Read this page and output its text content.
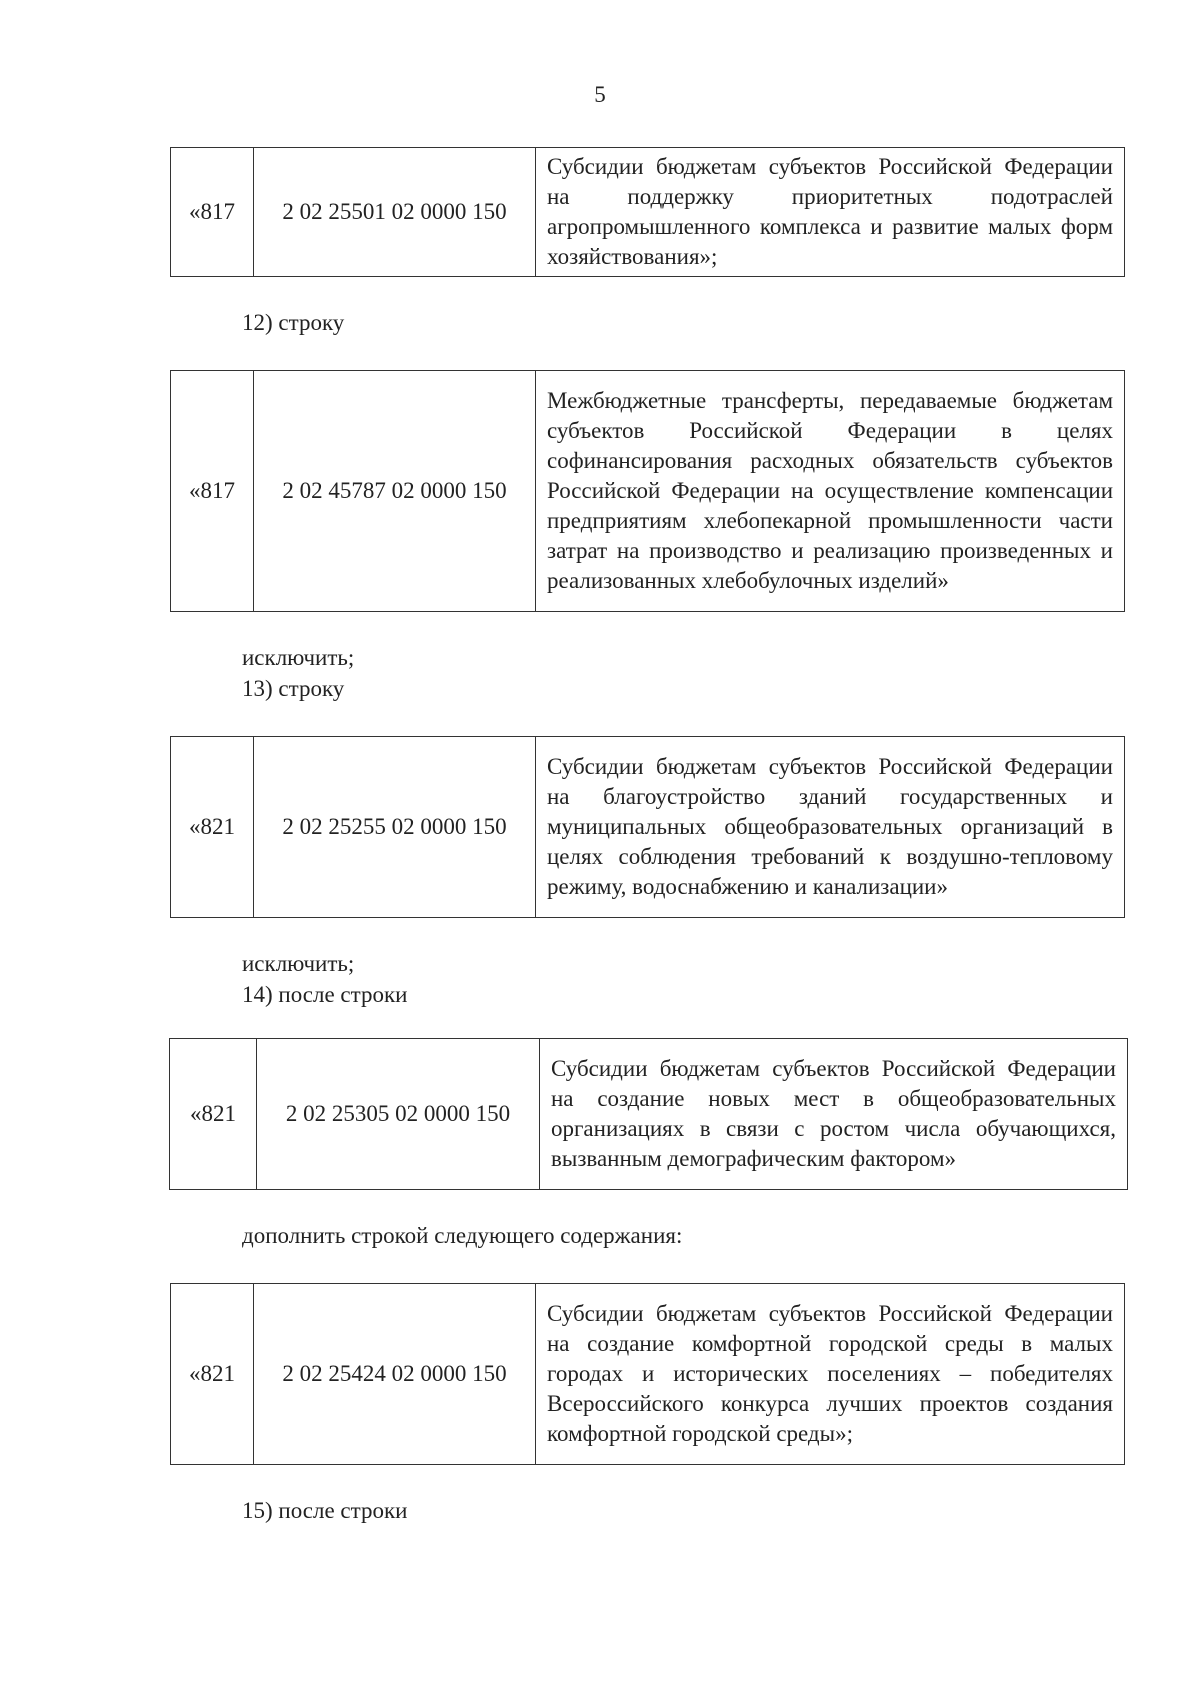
5
«817	2 02 25501 02 0000 150	Субсидии бюджетам субъектов Российской Федерации на поддержку приоритетных подотраслей агропромышленного комплекса и развитие малых форм хозяйствования»;
12) строку
«817	2 02 45787 02 0000 150	Межбюджетные трансферты, передаваемые бюджетам субъектов Российской Федерации в целях софинансирования расходных обязательств субъектов Российской Федерации на осуществление компенсации предприятиям хлебопекарной промышленности части затрат на производство и реализацию произведенных и реализованных хлебобулочных изделий»
исключить;
13) строку
«821	2 02 25255 02 0000 150	Субсидии бюджетам субъектов Российской Федерации на благоустройство зданий государственных и муниципальных общеобразовательных организаций в целях соблюдения требований к воздушно-тепловому режиму, водоснабжению и канализации»
исключить;
14) после строки
«821	2 02 25305 02 0000 150	Субсидии бюджетам субъектов Российской Федерации на создание новых мест в общеобразовательных организациях в связи с ростом числа обучающихся, вызванным демографическим фактором»
дополнить строкой следующего содержания:
«821	2 02 25424 02 0000 150	Субсидии бюджетам субъектов Российской Федерации на создание комфортной городской среды в малых городах и исторических поселениях – победителях Всероссийского конкурса лучших проектов создания комфортной городской среды»;
15) после строки
